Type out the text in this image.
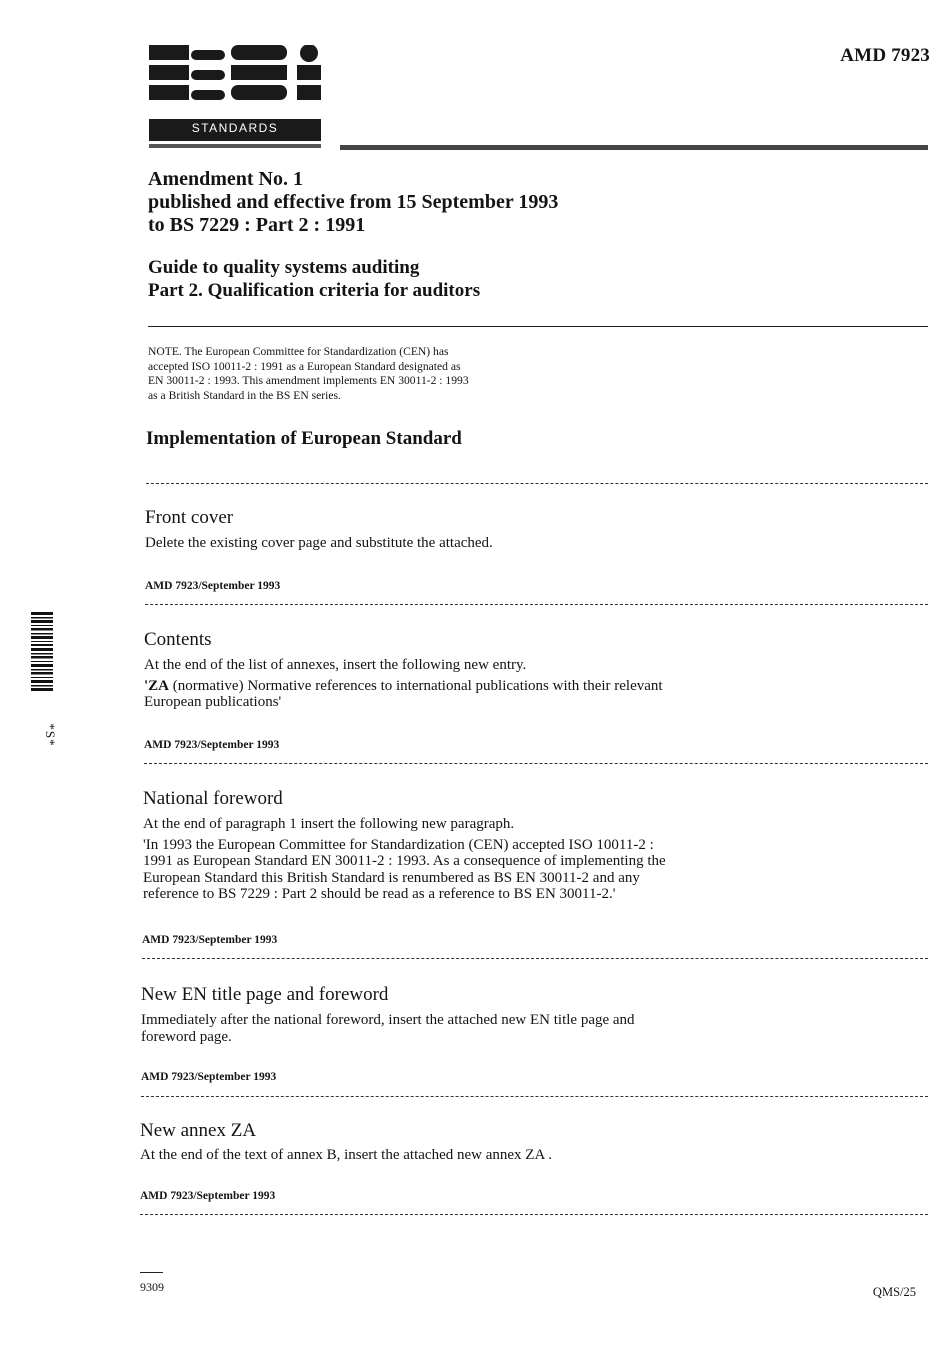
STANDARDS
AMD 7923
Amendment No. 1
published and effective from 15 September 1993
to BS 7229 : Part 2 : 1991
Guide to quality systems auditing
Part 2. Qualification criteria for auditors
NOTE. The European Committee for Standardization (CEN) has
accepted ISO 10011-2 : 1991 as a European Standard designated as
EN 30011-2 : 1993. This amendment implements EN 30011-2 : 1993
as a British Standard in the BS EN series.
Implementation of European Standard
Front cover

Delete the existing cover page and substitute the attached.

AMD 7923/September 1993
Contents

At the end of the list of annexes, insert the following new entry.

'ZA (normative) Normative references to international publications with their relevant
European publications'
AMD 7923/September 1993
National foreword

At the end of paragraph 1 insert the following new paragraph.

'In 1993 the European Committee for Standardization (CEN) accepted ISO 10011-2 :
1991 as European Standard EN 30011-2 : 1993. As a consequence of implementing the
European Standard this British Standard is renumbered as BS EN 30011-2 and any
reference to BS 7229 : Part 2 should be read as a reference to BS EN 30011-2.'
AMD 7923/September 1993
New EN title page and foreword
Immediately after the national foreword, insert the attached new EN title page and
foreword page.
AMD 7923/September 1993
New annex ZA
At the end of the text of annex B, insert the attached new annex ZA .
AMD 7923/September 1993
*S*
9309	QMS/25
